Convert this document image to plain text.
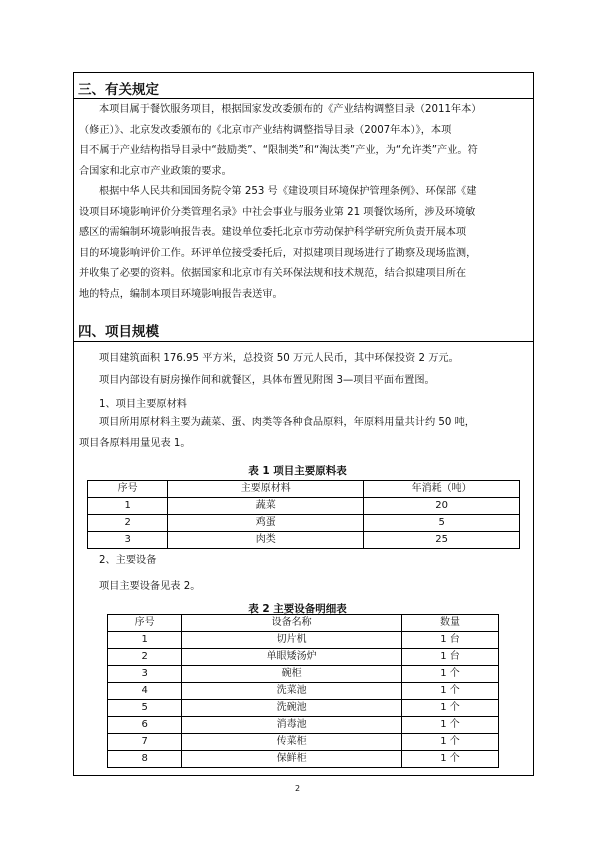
三、有关规定
本项目属于餐饮服务项目，根据国家发改委颁布的《产业结构调整目录（2011年本）
（修正）》、北京发改委颁布的《北京市产业结构调整指导目录（2007年本）》，本项
目不属于产业结构指导目录中“鼓励类”、“限制类”和“淘汰类”产业，为“允许类”产业。符
合国家和北京市产业政策的要求。
根据中华人民共和国国务院令第 253 号《建设项目环境保护管理条例》、环保部《建
设项目环境影响评价分类管理名录》中社会事业与服务业第 21 项餐饮场所，涉及环境敏
感区的需编制环境影响报告表。建设单位委托北京市劳动保护科学研究所负责开展本项
目的环境影响评价工作。环评单位接受委托后，对拟建项目现场进行了勘察及现场监测，
并收集了必要的资料。依据国家和北京市有关环保法规和技术规范，结合拟建项目所在
地的特点，编制本项目环境影响报告表送审。
四、项目规模
项目建筑面积 176.95 平方米，总投资 50 万元人民币，其中环保投资 2 万元。
项目内部设有厨房操作间和就餐区，具体布置见附图 3—项目平面布置图。
1、项目主要原材料
项目所用原材料主要为蔬菜、蛋、肉类等各种食品原料，年原料用量共计约 50 吨，
项目各原料用量见表 1。
表 1 项目主要原料表
序号	主要原材料	年消耗（吨）
1	蔬菜	20
2	鸡蛋	5
3	肉类	25
2、主要设备
项目主要设备见表 2。
表 2 主要设备明细表
序号	设备名称	数量
1	切片机	1 台
2	单眼矮汤炉	1 台
3	碗柜	1 个
4	洗菜池	1 个
5	洗碗池	1 个
6	消毒池	1 个
7	传菜柜	1 个
8	保鲜柜	1 个
2
